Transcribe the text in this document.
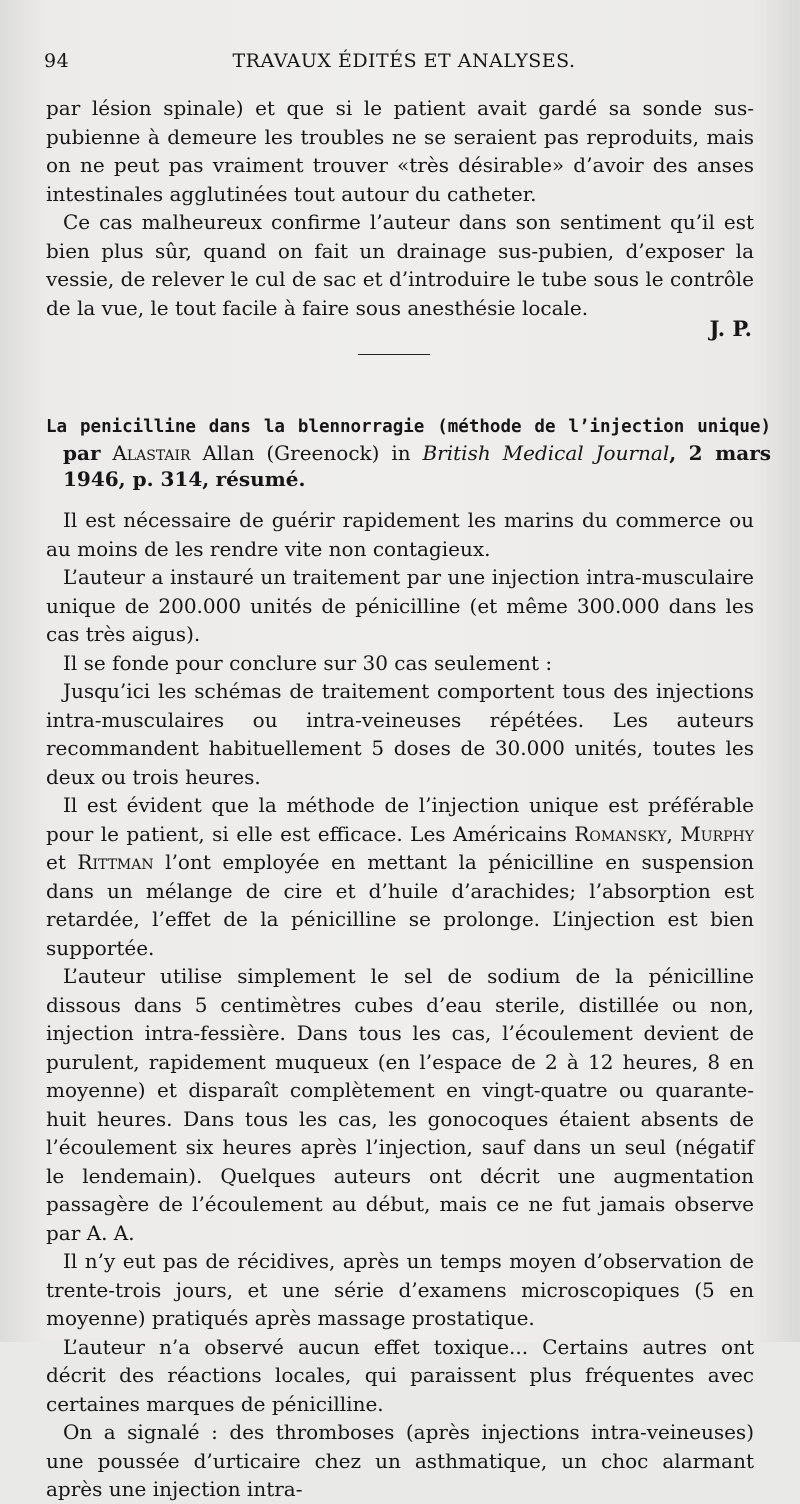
94	TRAVAUX ÉDITÉS ET ANALYSES.

par lésion spinale) et que si le patient avait gardé sa sonde sus-pubienne à demeure les troubles ne se seraient pas reproduits, mais on ne peut pas vraiment trouver «très désirable» d’avoir des anses intestinales agglutinées tout autour du catheter.

Ce cas malheureux confirme l’auteur dans son sentiment qu’il est bien plus sûr, quand on fait un drainage sus-pubien, d’exposer la vessie, de relever le cul de sac et d’introduire le tube sous le contrôle de la vue, le tout facile à faire sous anesthésie locale.

J. P.
La penicilline dans la blennorragie (méthode de l’injection unique) par Alastair Allan (Greenock) in British Medical Journal, 2 mars 1946, p. 314, résumé.

Il est nécessaire de guérir rapidement les marins du commerce ou au moins de les rendre vite non contagieux.

L’auteur a instauré un traitement par une injection intra-musculaire unique de 200.000 unités de pénicilline (et même 300.000 dans les cas très aigus).

Il se fonde pour conclure sur 30 cas seulement :

Jusqu’ici les schémas de traitement comportent tous des injections intra-musculaires ou intra-veineuses répétées. Les auteurs recommandent habituellement 5 doses de 30.000 unités, toutes les deux ou trois heures.

Il est évident que la méthode de l’injection unique est préférable pour le patient, si elle est efficace. Les Américains Romansky, Murphy et Rittman l’ont employée en mettant la pénicilline en suspension dans un mélange de cire et d’huile d’arachides; l’absorption est retardée, l’effet de la pénicilline se prolonge. L’injection est bien supportée.

L’auteur utilise simplement le sel de sodium de la pénicilline dissous dans 5 centimètres cubes d’eau sterile, distillée ou non, injection intra-fessière. Dans tous les cas, l’écoulement devient de purulent, rapidement muqueux (en l’espace de 2 à 12 heures, 8 en moyenne) et disparaît complètement en vingt-quatre ou quarante-huit heures. Dans tous les cas, les gonocoques étaient absents de l’écoulement six heures après l’injection, sauf dans un seul (négatif le lendemain). Quelques auteurs ont décrit une augmentation passagère de l’écoulement au début, mais ce ne fut jamais observe par A. A.

Il n’y eut pas de récidives, après un temps moyen d’observation de trente-trois jours, et une série d’examens microscopiques (5 en moyenne) pratiqués après massage prostatique.

L’auteur n’a observé aucun effet toxique... Certains autres ont décrit des réactions locales, qui paraissent plus fréquentes avec certaines marques de pénicilline.

On a signalé : des thromboses (après injections intra-veineuses) une poussée d’urticaire chez un asthmatique, un choc alarmant après une injection intra-
